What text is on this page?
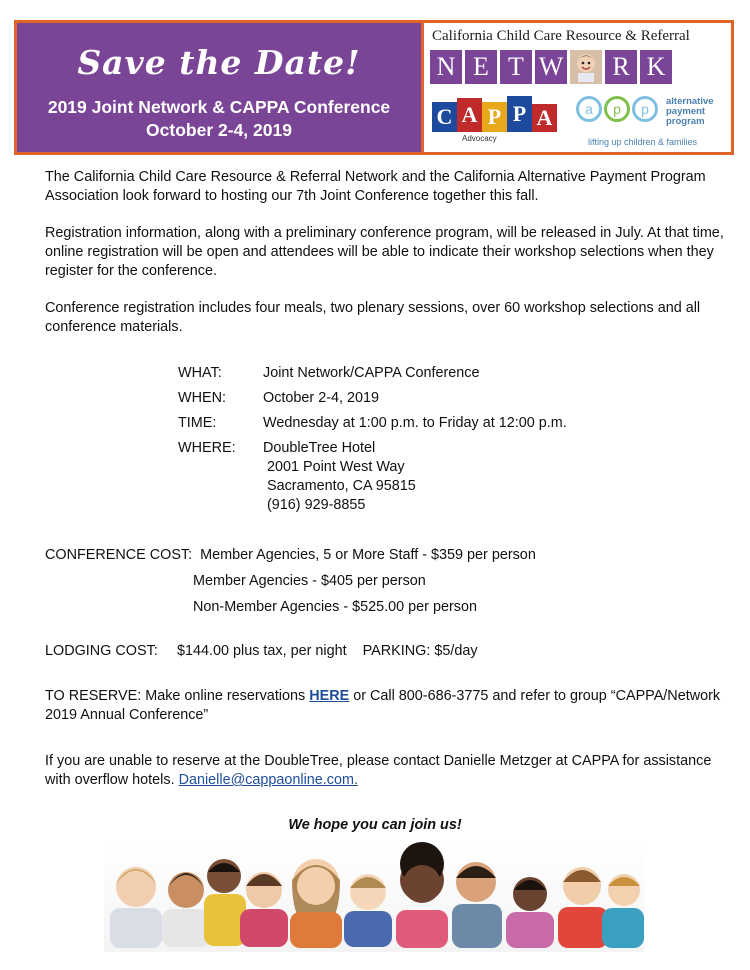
Save the Date!
2019 Joint Network & CAPPA Conference
October 2-4, 2019
California Child Care Resource & Referral
N E T W R K
C A P P A
Advocacy
a	p	p	alternative
payment
program
lifting up children & families

The California Child Care Resource & Referral Network and the California Alternative Payment Program Association look forward to hosting our 7th Joint Conference together this fall.

Registration information, along with a preliminary conference program, will be released in July. At that time, online registration will be open and attendees will be able to indicate their workshop selections when they register for the conference.

Conference registration includes four meals, two plenary sessions, over 60 workshop selections and all conference materials.

WHAT:	Joint Network/CAPPA Conference
WHEN:	October 2-4, 2019
TIME:	Wednesday at 1:00 p.m. to Friday at 12:00 p.m.
WHERE:	DoubleTree Hotel
2001 Point West Way
Sacramento, CA 95815
(916) 929-8855
CONFERENCE COST: Member Agencies, 5 or More Staff - $359 per person
Member Agencies - $405 per person
Non-Member Agencies - $525.00 per person
LODGING COST: $144.00 plus tax, per night PARKING: $5/day
TO RESERVE: Make online reservations HERE or Call 800-686-3775 and refer to group “CAPPA/Network 2019 Annual Conference”
If you are unable to reserve at the DoubleTree, please contact Danielle Metzger at CAPPA for assistance with overflow hotels. Danielle@cappaonline.com.
We hope you can join us!
